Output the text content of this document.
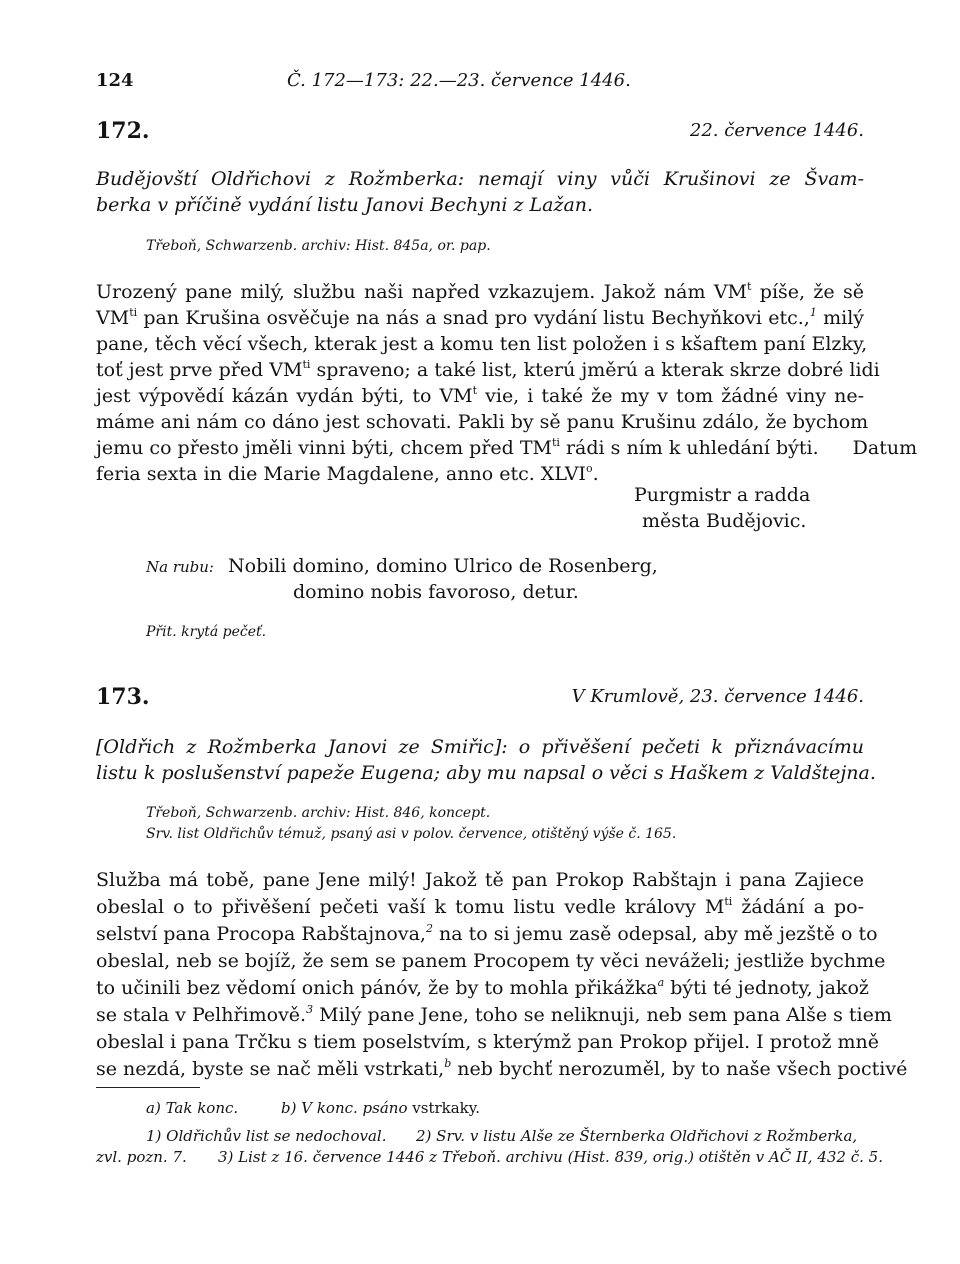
124	Č. 172—173: 22.—23. července 1446.
172.	22. července 1446.
Budějovští Oldřichovi z Rožmberka: nemají viny vůči Krušinovi ze Švam-
berka v příčině vydání listu Janovi Bechyni z Lažan.
Třeboň, Schwarzenb. archiv: Hist. 845a, or. pap.
Urozený pane milý, službu naši napřed vzkazujem. Jakož nám $VM^t$ píše, že sě
$VM^{ti}$ pan Krušina osvěčuje na nás a snad pro vydání listu Bechyňkovi etc.,$^1$ milý
pane, těch věcí všech, kterak jest a komu ten list položen i s kšaftem paní Elzky,
toť jest prve před $VM^{ti}$ spraveno; a také list, kterú jměrú a kterak skrze dobré lidi
jest výpovědí kázán vydán býti, to $VM^t$ vie, i také že my v tom žádné viny ne-
máme ani nám co dáno jest schovati. Pakli by sě panu Krušinu zdálo, že bychom
jemu co přesto jměli vinni býti, chcem před $TM^{ti}$ rádi s ním k uhledání býti. Datum
feria sexta in die Marie Magdalene, anno etc. XLVI$^o$.
Purgmistr a radda
města Budějovic.
Na rubu: Nobili domino, domino Ulrico de Rosenberg,
domino nobis favoroso, detur.
Přit. krytá pečeť.
173.	V Krumlově, 23. července 1446.
[Oldřich z Rožmberka Janovi ze Smiřic]: o přivěšení pečeti k přiznávacímu
listu k poslušenství papeže Eugena; aby mu napsal o věci s Haškem z Valdštejna.
Třeboň, Schwarzenb. archiv: Hist. 846, koncept.
Srv. list Oldřichův témuž, psaný asi v polov. července, otištěný výše č. 165.
Služba má tobě, pane Jene milý! Jakož tě pan Prokop Rabštajn i pana Zajiece
obeslal o to přivěšení pečeti vaší k tomu listu vedle královy $M^{ti}$ žádání a po-
selství pana Procopa Rabštajnova,$^2$ na to si jemu zasě odepsal, aby mě jezště o to
obeslal, neb se bojíž, že sem se panem Procopem ty věci neváželi; jestliže bychme
to učinili bez vědomí onich pánóv, že by to mohla přikážka$^a$ býti té jednoty, jakož
se stala v Pelhřimově.$^3$ Milý pane Jene, toho se neliknuji, neb sem pana Alše s tiem
obeslal i pana Trčku s tiem poselstvím, s kterýmž pan Prokop přijel. I protož mně
se nezdá, byste se nač měli vstrkati,$^b$ neb bychť nerozuměl, by to naše všech poctivé
a) Tak konc.	b) V konc. psáno vstrkaky.
1) Oldřichův list se nedochoval. 2) Srv. v listu Alše ze Šternberka Oldřichovi z Rožmberka,
zvl. pozn. 7. 3) List z 16. července 1446 z Třeboň. archivu (Hist. 839, orig.) otištěn v AČ II, 432 č. 5.
